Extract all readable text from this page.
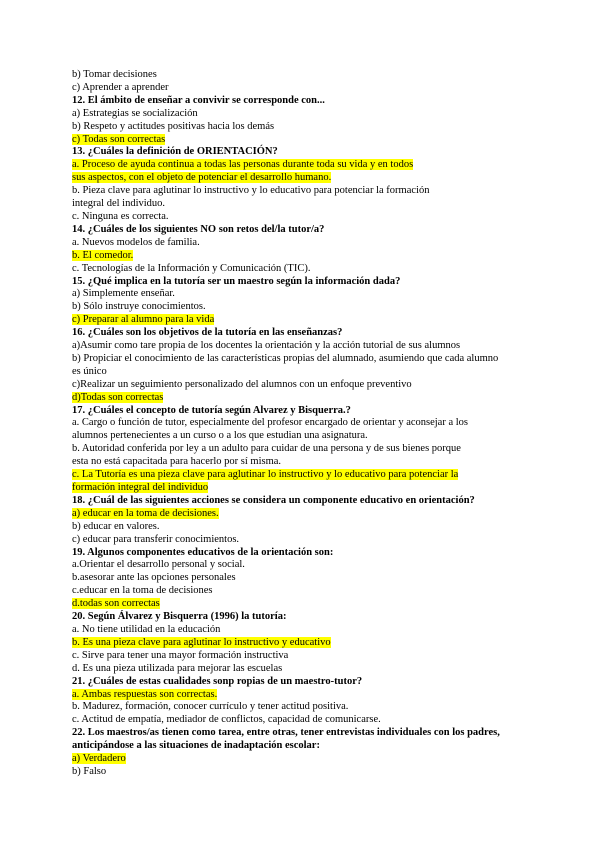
b) Tomar decisiones
c) Aprender a aprender
12. El ámbito de enseñar a convivir se corresponde con...
a) Estrategias se socialización
b) Respeto y actitudes positivas hacia los demás
c) Todas son correctas
13. ¿Cuáles la definición de ORIENTACIÓN?
a. Proceso de ayuda continua a todas las personas durante toda su vida y en todos
sus aspectos, con el objeto de potenciar el desarrollo humano.
b. Pieza clave para aglutinar lo instructivo y lo educativo para potenciar la formación
integral del individuo.
c. Ninguna es correcta.
14. ¿Cuáles de los siguientes NO son retos del/la tutor/a?
a. Nuevos modelos de familia.
b. El comedor.
c. Tecnologías de la Información y Comunicación (TIC).
15. ¿Qué implica en la tutoría ser un maestro según la información dada?
a) Simplemente enseñar.
b) Sólo instruye conocimientos.
c) Preparar al alumno para la vida
16. ¿Cuáles son los objetivos de la tutoría en las enseñanzas?
a)Asumir como tare propia de los docentes la orientación y la acción tutorial de sus alumnos
b) Propiciar el conocimiento de las características propias del alumnado, asumiendo que cada alumno
es único
c)Realizar un seguimiento personalizado del alumnos con un enfoque preventivo
d)Todas son correctas
17. ¿Cuáles el concepto de tutoría según Alvarez y Bisquerra.?
a. Cargo o función de tutor, especialmente del profesor encargado de orientar y aconsejar a los
alumnos pertenecientes a un curso o a los que estudian una asignatura.
b. Autoridad conferida por ley a un adulto para cuidar de una persona y de sus bienes porque
esta no está capacitada para hacerlo por sí misma.
c. La Tutoría es una pieza clave para aglutinar lo instructivo y lo educativo para potenciar la
formación integral del individuo
18. ¿Cuál de las siguientes acciones se considera un componente educativo en orientación?
a) educar en la toma de decisiones.
b) educar en valores.
c) educar para transferir conocimientos.
19. Algunos componentes educativos de la orientación son:
a.Orientar el desarrollo personal y social.
b.asesorar ante las opciones personales
c.educar en la toma de decisiones
d.todas son correctas
20. Según Álvarez y Bisquerra (1996) la tutoría:
a. No tiene utilidad en la educación
b. Es una pieza clave para aglutinar lo instructivo y educativo
c. Sirve para tener una mayor formación instructiva
d. Es una pieza utilizada para mejorar las escuelas
21. ¿Cuáles de estas cualidades sonp ropias de un maestro-tutor?
a. Ambas respuestas son correctas.
b. Madurez, formación, conocer currículo y tener actitud positiva.
c. Actitud de empatía, mediador de conflictos, capacidad de comunicarse.
22. Los maestros/as tienen como tarea, entre otras, tener entrevistas individuales con los padres,
anticipándose a las situaciones de inadaptación escolar:
a) Verdadero
b) Falso
